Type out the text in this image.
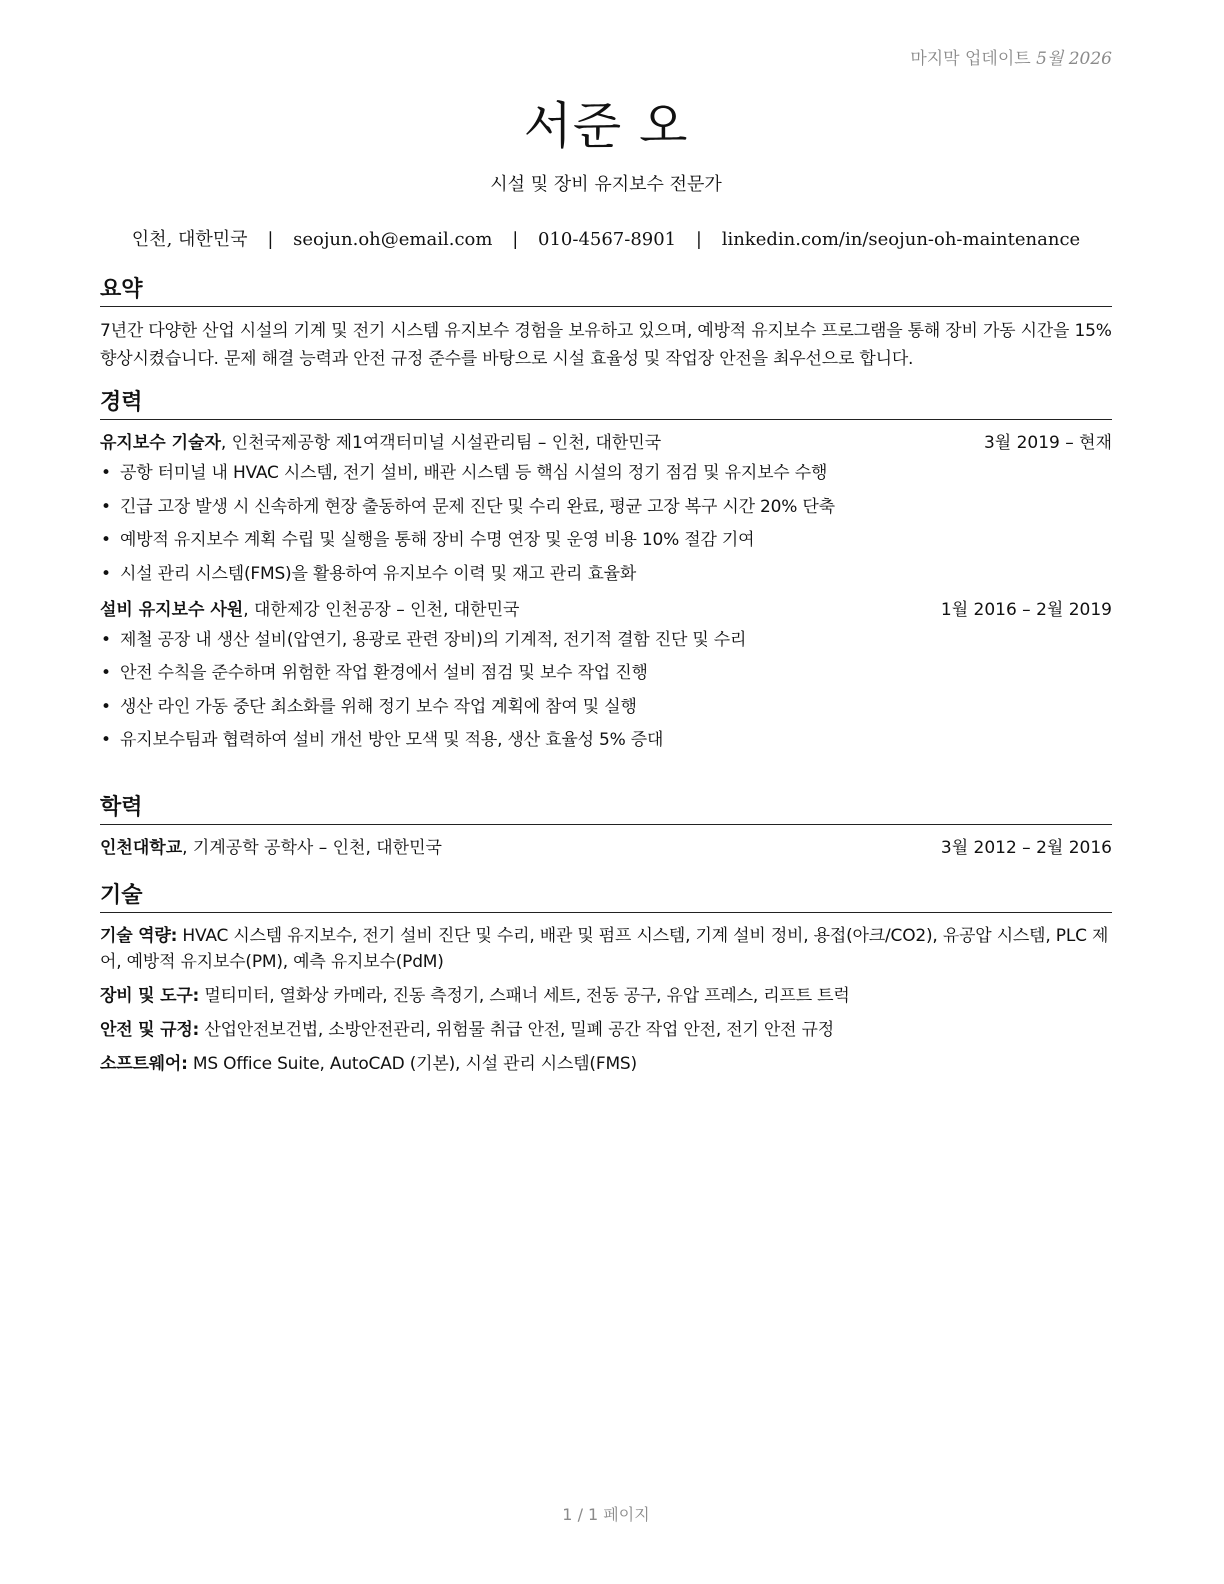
마지막 업데이트 5월 2026
서준 오
시설 및 장비 유지보수 전문가
인천, 대한민국 | seojun.oh@email.com | 010-4567-8901 | linkedin.com/in/seojun-oh-maintenance
요약
7년간 다양한 산업 시설의 기계 및 전기 시스템 유지보수 경험을 보유하고 있으며, 예방적 유지보수 프로그램을 통해 장비 가동 시간을 15% 향상시켰습니다. 문제 해결 능력과 안전 규정 준수를 바탕으로 시설 효율성 및 작업장 안전을 최우선으로 합니다.
경력
유지보수 기술자, 인천국제공항 제1여객터미널 시설관리팀 – 인천, 대한민국	3월 2019 – 현재
• 공항 터미널 내 HVAC 시스템, 전기 설비, 배관 시스템 등 핵심 시설의 정기 점검 및 유지보수 수행
• 긴급 고장 발생 시 신속하게 현장 출동하여 문제 진단 및 수리 완료, 평균 고장 복구 시간 20% 단축
• 예방적 유지보수 계획 수립 및 실행을 통해 장비 수명 연장 및 운영 비용 10% 절감 기여
• 시설 관리 시스템(FMS)을 활용하여 유지보수 이력 및 재고 관리 효율화
설비 유지보수 사원, 대한제강 인천공장 – 인천, 대한민국	1월 2016 – 2월 2019
• 제철 공장 내 생산 설비(압연기, 용광로 관련 장비)의 기계적, 전기적 결함 진단 및 수리
• 안전 수칙을 준수하며 위험한 작업 환경에서 설비 점검 및 보수 작업 진행
• 생산 라인 가동 중단 최소화를 위해 정기 보수 작업 계획에 참여 및 실행
• 유지보수팀과 협력하여 설비 개선 방안 모색 및 적용, 생산 효율성 5% 증대
학력
인천대학교, 기계공학 공학사 – 인천, 대한민국	3월 2012 – 2월 2016
기술
기술 역량: HVAC 시스템 유지보수, 전기 설비 진단 및 수리, 배관 및 펌프 시스템, 기계 설비 정비, 용접(아크/CO2), 유공압 시스템, PLC 제어, 예방적 유지보수(PM), 예측 유지보수(PdM)
장비 및 도구: 멀티미터, 열화상 카메라, 진동 측정기, 스패너 세트, 전동 공구, 유압 프레스, 리프트 트럭
안전 및 규정: 산업안전보건법, 소방안전관리, 위험물 취급 안전, 밀폐 공간 작업 안전, 전기 안전 규정
소프트웨어: MS Office Suite, AutoCAD (기본), 시설 관리 시스템(FMS)
1 / 1 페이지
